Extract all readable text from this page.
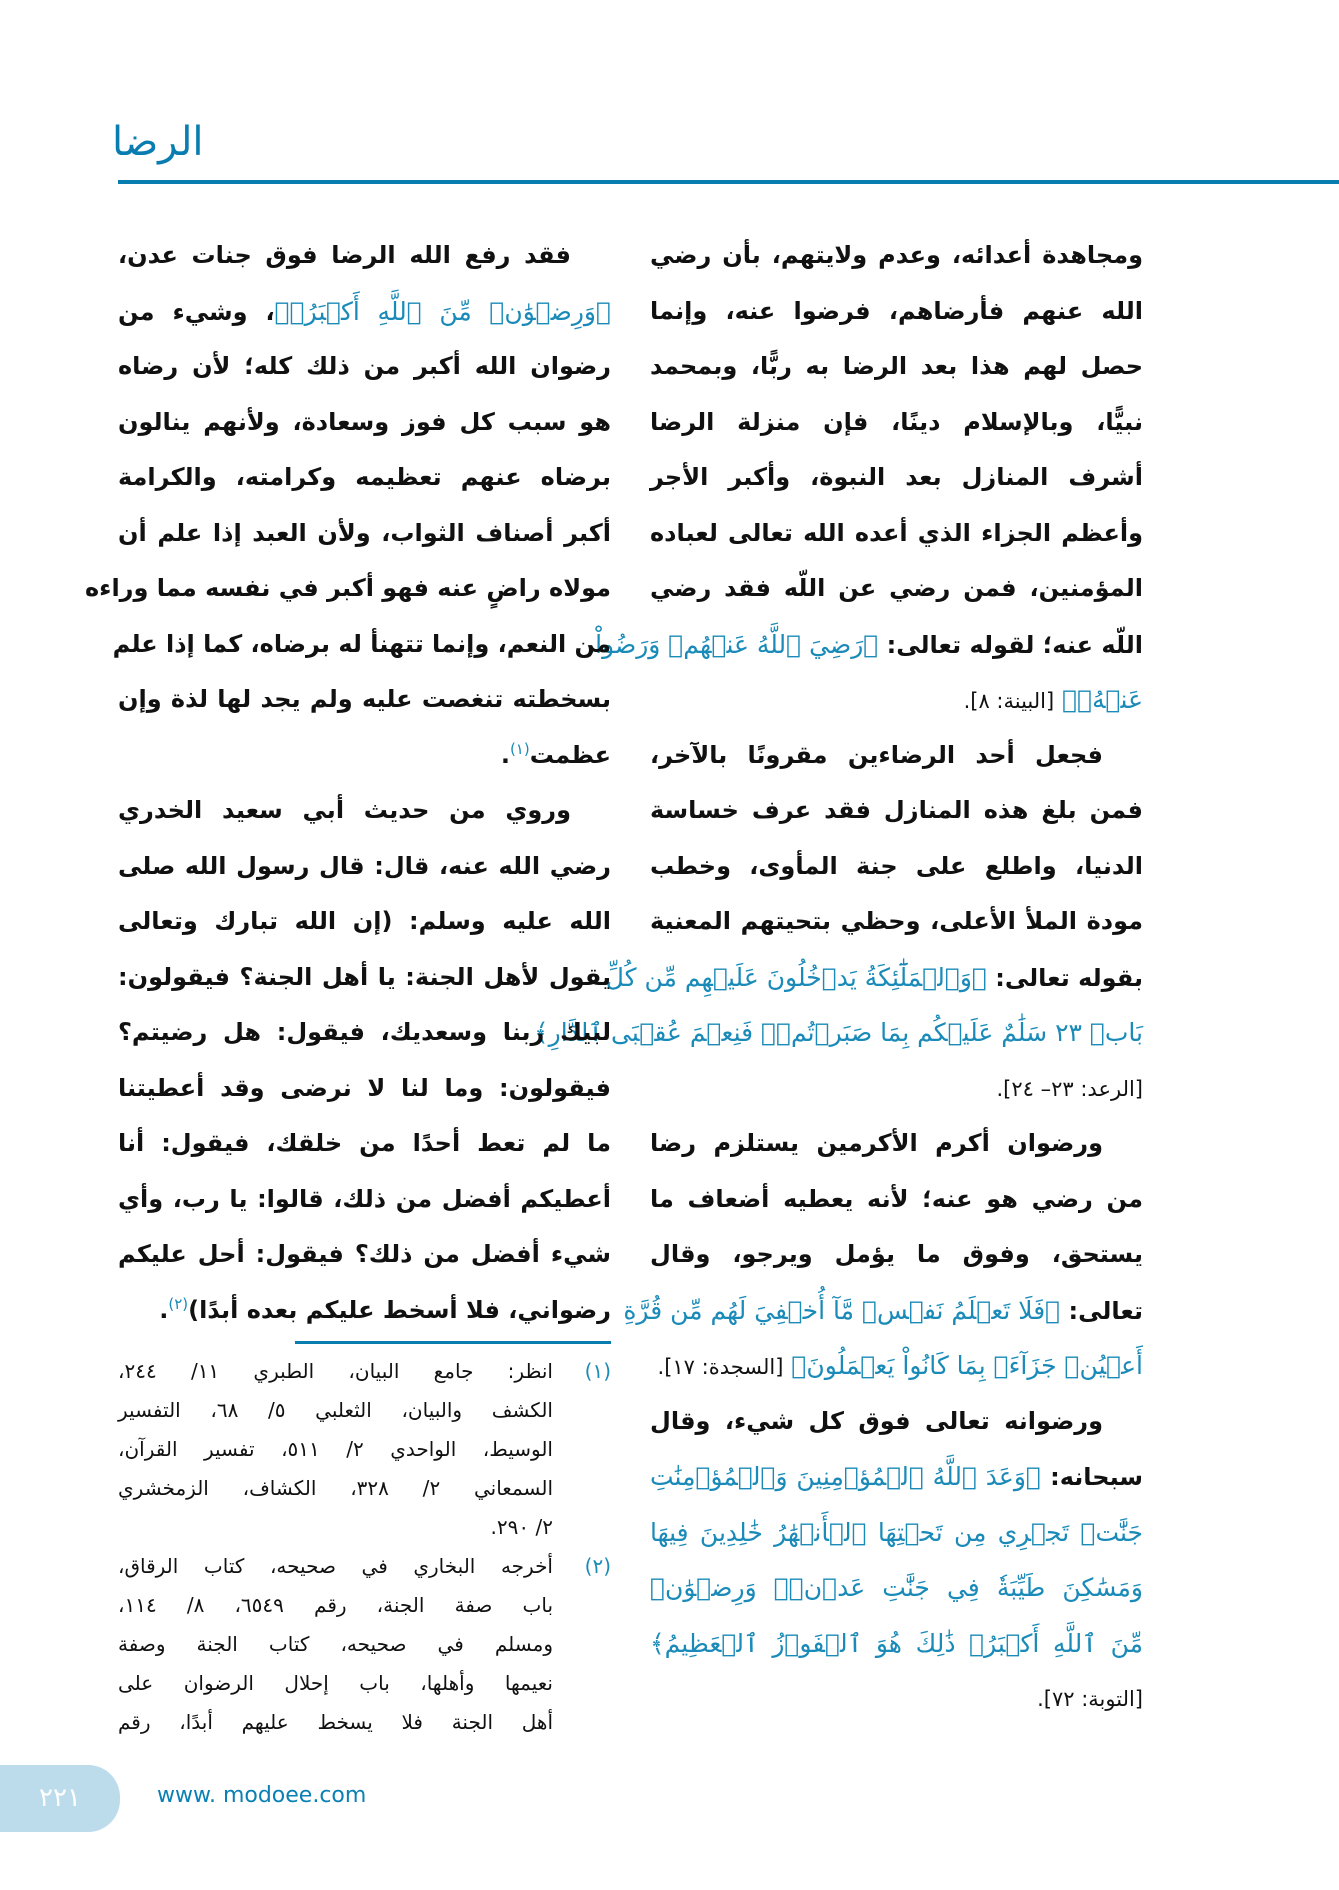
الرضا
ومجاهدة أعدائه، وعدم ولايتهم، بأن رضي
الله عنهم فأرضاهم، فرضوا عنه، وإنما
حصل لهم هذا بعد الرضا به ربًّا، وبمحمد
نبيًّا، وبالإسلام دينًا، فإن منزلة الرضا
أشرف المنازل بعد النبوة، وأكبر الأجر
وأعظم الجزاء الذي أعده الله تعالى لعباده
المؤمنين، فمن رضي عن اللّه فقد رضي
اللّه عنه؛ لقوله تعالى: ﴿رَضِيَ ٱللَّهُ عَنۡهُمۡ وَرَضُواْ
عَنۡهُۚ﴾ [البينة: ٨].
فجعل أحد الرضاءين مقرونًا بالآخر،
فمن بلغ هذه المنازل فقد عرف خساسة
الدنيا، واطلع على جنة المأوى، وخطب
مودة الملأ الأعلى، وحظي بتحيتهم المعنية
بقوله تعالى: ﴿وَٱلۡمَلَٰٓئِكَةُ يَدۡخُلُونَ عَلَيۡهِم مِّن كُلِّ
بَابٖ ٢٣ سَلَٰمٌ عَلَيۡكُم بِمَا صَبَرۡتُمۡۚ فَنِعۡمَ عُقۡبَى ٱلدَّارِ﴾
[الرعد: ٢٣– ٢٤].
ورضوان أكرم الأكرمين يستلزم رضا
من رضي هو عنه؛ لأنه يعطيه أضعاف ما
يستحق، وفوق ما يؤمل ويرجو، وقال
تعالى: ﴿فَلَا تَعۡلَمُ نَفۡسٞ مَّآ أُخۡفِيَ لَهُم مِّن قُرَّةِ
أَعۡيُنٖ جَزَآءَۢ بِمَا كَانُواْ يَعۡمَلُونَ﴾ [السجدة: ١٧].
ورضوانه تعالى فوق كل شيء، وقال
سبحانه: ﴿وَعَدَ ٱللَّهُ ٱلۡمُؤۡمِنِينَ وَٱلۡمُؤۡمِنَٰتِ
جَنَّٰتٖ تَجۡرِي مِن تَحۡتِهَا ٱلۡأَنۡهَٰرُ خَٰلِدِينَ فِيهَا
وَمَسَٰكِنَ طَيِّبَةٗ فِي جَنَّٰتِ عَدۡنٖۚ وَرِضۡوَٰنٞ
مِّنَ ٱللَّهِ أَكۡبَرُۚ ذَٰلِكَ هُوَ ٱلۡفَوۡزُ ٱلۡعَظِيمُ﴾
[التوبة: ٧٢].
فقد رفع الله الرضا فوق جنات عدن،
﴿وَرِضۡوَٰنٞ مِّنَ ٱللَّهِ أَكۡبَرُۚ﴾، وشيء من
رضوان الله أكبر من ذلك كله؛ لأن رضاه
هو سبب كل فوز وسعادة، ولأنهم ينالون
برضاه عنهم تعظيمه وكرامته، والكرامة
أكبر أصناف الثواب، ولأن العبد إذا علم أن
مولاه راضٍ عنه فهو أكبر في نفسه مما وراءه
من النعم، وإنما تتهنأ له برضاه، كما إذا علم
بسخطته تنغصت عليه ولم يجد لها لذة وإن
عظمت$^{(١)}$.
وروي من حديث أبي سعيد الخدري
رضي الله عنه، قال: قال رسول الله صلى
الله عليه وسلم: (إن الله تبارك وتعالى
يقول لأهل الجنة: يا أهل الجنة؟ فيقولون:
لبيك ربنا وسعديك، فيقول: هل رضيتم؟
فيقولون: وما لنا لا نرضى وقد أعطيتنا
ما لم تعط أحدًا من خلقك، فيقول: أنا
أعطيكم أفضل من ذلك، قالوا: يا رب، وأي
شيء أفضل من ذلك؟ فيقول: أحل عليكم
رضواني، فلا أسخط عليكم بعده أبدًا)$^{(٢)}$.
(١)
انظر: جامع البيان، الطبري ١١/ ٢٤٤،
الكشف والبيان، الثعلبي ٥/ ٦٨، التفسير
الوسيط، الواحدي ٢/ ٥١١، تفسير القرآن،
السمعاني ٢/ ٣٢٨، الكشاف، الزمخشري
٢/ ٢٩٠.
(٢)
أخرجه البخاري في صحيحه، كتاب الرقاق،
باب صفة الجنة، رقم ٦٥٤٩، ٨/ ١١٤،
ومسلم في صحيحه، كتاب الجنة وصفة
نعيمها وأهلها، باب إحلال الرضوان على
أهل الجنة فلا يسخط عليهم أبدًا، رقم
٢٢١	www. modoee.com
